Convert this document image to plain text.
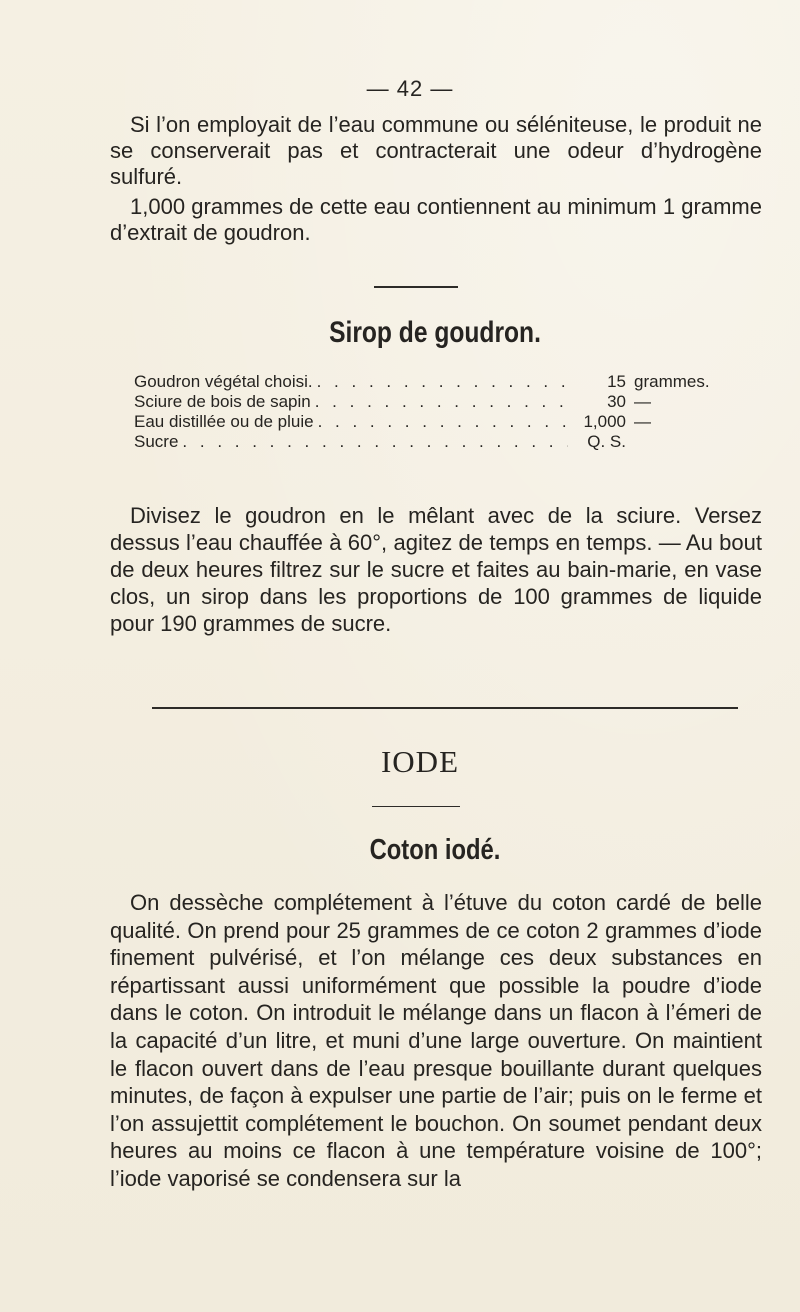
— 42 —

Si l’on employait de l’eau commune ou séléniteuse, le produit ne se conserverait pas et contracterait une odeur d’hydrogène sulfuré.

1,000 grammes de cette eau contiennent au minimum 1 gramme d’extrait de goudron.

Sirop de goudron.
Goudron végétal choisi. . . .	15 grammes.
Sciure de bois de sapin . . .	30 —
Eau distillée ou de pluie . . .	1,000 —
Sucre . . .	Q. S.

Divisez le goudron en le mêlant avec de la sciure. Versez dessus l’eau chauffée à 60°, agitez de temps en temps. — Au bout de deux heures filtrez sur le sucre et faites au bain-marie, en vase clos, un sirop dans les proportions de 100 grammes de liquide pour 190 grammes de sucre.

IODE
Coton iodé.

On dessèche complétement à l’étuve du coton cardé de belle qualité. On prend pour 25 grammes de ce coton 2 grammes d’iode finement pulvérisé, et l’on mélange ces deux substances en répartissant aussi uniformément que possible la poudre d’iode dans le coton. On introduit le mélange dans un flacon à l’émeri de la capacité d’un litre, et muni d’une large ouverture. On maintient le flacon ouvert dans de l’eau presque bouillante durant quelques minutes, de façon à expulser une partie de l’air; puis on le ferme et l’on assujettit complétement le bouchon. On soumet pendant deux heures au moins ce flacon à une température voisine de 100°; l’iode vaporisé se condensera sur la
